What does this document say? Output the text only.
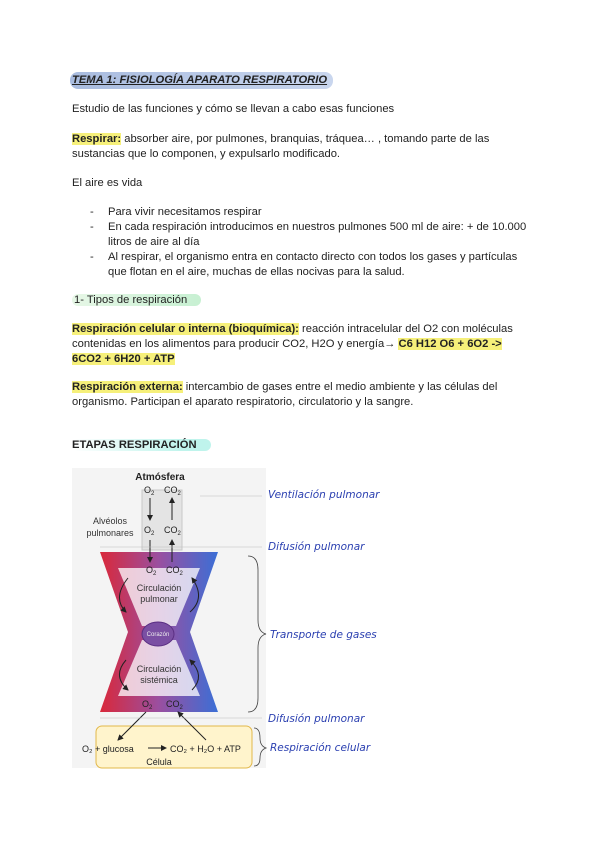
TEMA 1: FISIOLOGÍA APARATO RESPIRATORIO

Estudio de las funciones y cómo se llevan a cabo esas funciones

Respirar: absorber aire, por pulmones, branquias, tráquea… , tomando parte de las
sustancias que lo componen, y expulsarlo modificado.

El aire es vida

- Para vivir necesitamos respirar
- En cada respiración introducimos en nuestros pulmones 500 ml de aire: + de 10.000
litros de aire al día
- Al respirar, el organismo entra en contacto directo con todos los gases y partículas
que flotan en el aire, muchas de ellas nocivas para la salud.

1- Tipos de respiración

Respiración celular o interna (bioquímica): reacción intracelular del O2 con moléculas
contenidas en los alimentos para producir CO2, H2O y energía→ C6 H12 O6 + 6O2 ->
6CO2 + 6H20 + ATP

Respiración externa: intercambio de gases entre el medio ambiente y las células del
organismo. Participan el aparato respiratorio, circulatorio y la sangre.

ETAPAS RESPIRACIÓN

Atmósfera
$O_2$ $CO_2$
Alvéolos
pulmonares $O_2$ $CO_2$
$O_2$ $CO_2$
Circulación
pulmonar
Corazón
Circulación
sistémica
$O_2$ $CO_2$
O₂ + glucosa	CO₂ + H₂O + ATP
Célula
Ventilación pulmonar
Difusión pulmonar
Transporte de gases
Difusión pulmonar
Respiración celular
